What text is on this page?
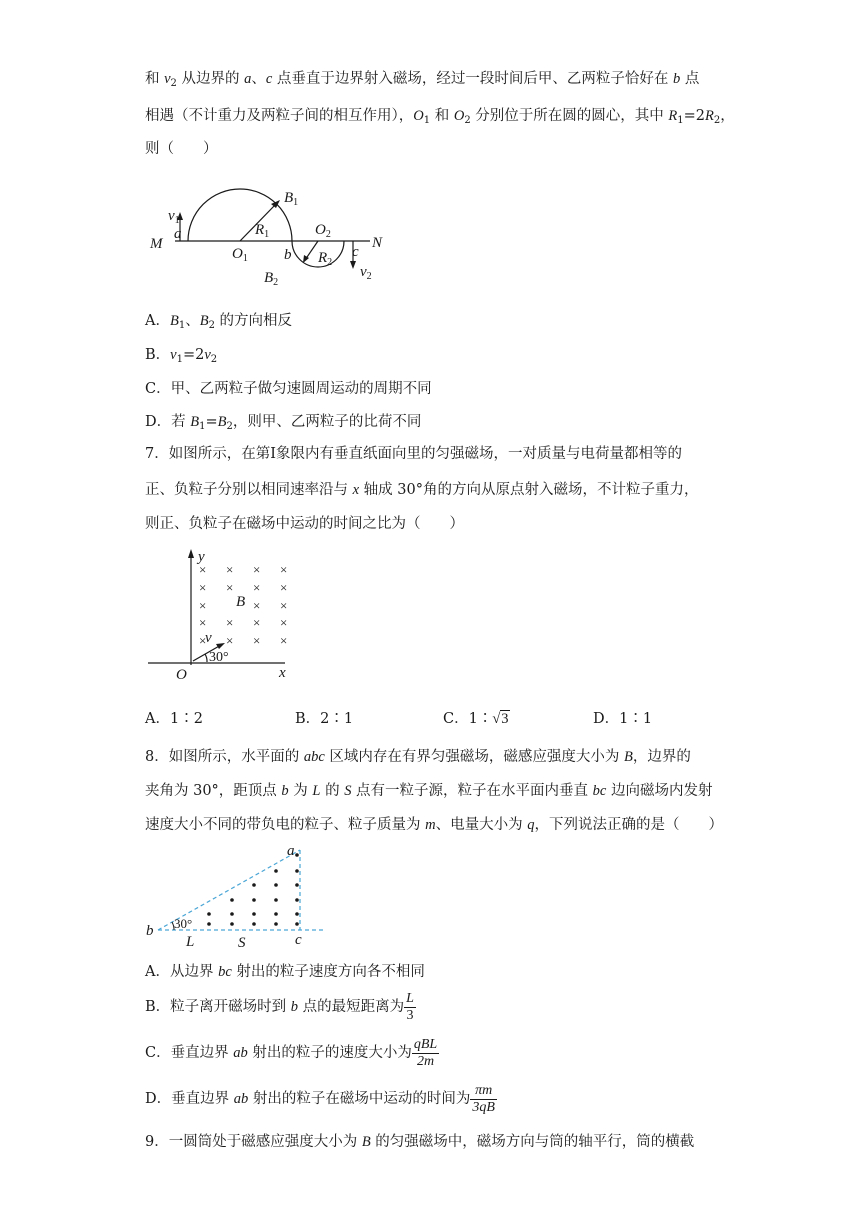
和 $v_2$ 从边界的 a、c 点垂直于边界射入磁场，经过一段时间后甲、乙两粒子恰好在 b 点
相遇（不计重力及两粒子间的相互作用），$O_1$ 和 $O_2$ 分别位于所在圆的圆心，其中 $R_1=2R_2$，
则（　　）
$v_1$
a
M
$O_1$
$R_1$
$B_1$
b
$O_2$
$R_2$
c
N
$v_2$
$B_2$
A．$B_1$、$B_2$ 的方向相反
B．$v_1=2v_2$
C．甲、乙两粒子做匀速圆周运动的周期不同
D．若 $B_1=B_2$，则甲、乙两粒子的比荷不同
7．如图所示，在第Ⅰ象限内有垂直纸面向里的匀强磁场，一对质量与电荷量都相等的
正、负粒子分别以相同速率沿与 x 轴成 30°角的方向从原点射入磁场，不计粒子重力，
则正、负粒子在磁场中运动的时间之比为（　　）
× × × ×
× × × ×
×	× ×
× × × ×
× × × ×
y
x
O
B
v
30°
A．1∶2	B．2∶1	C．1∶√3	D．1∶1
8．如图所示，水平面的 abc 区域内存在有界匀强磁场，磁感应强度大小为 B，边界的
夹角为 30°，距顶点 b 为 L 的 S 点有一粒子源，粒子在水平面内垂直 bc 边向磁场内发射
速度大小不同的带负电的粒子、粒子质量为 m、电量大小为 q，下列说法正确的是（　　）
a
b
L	S	c
30°
A．从边界 bc 射出的粒子速度方向各不相同
B．粒子离开磁场时到 b 点的最短距离为 $\frac{L}{3}$
C．垂直边界 ab 射出的粒子的速度大小为 $\frac{\text{qBL}}{2m}$
D．垂直边界 ab 射出的粒子在磁场中运动的时间为 $\frac{\pi m}{3qB}$
9．一圆筒处于磁感应强度大小为 B 的匀强磁场中，磁场方向与筒的轴平行，筒的横截
